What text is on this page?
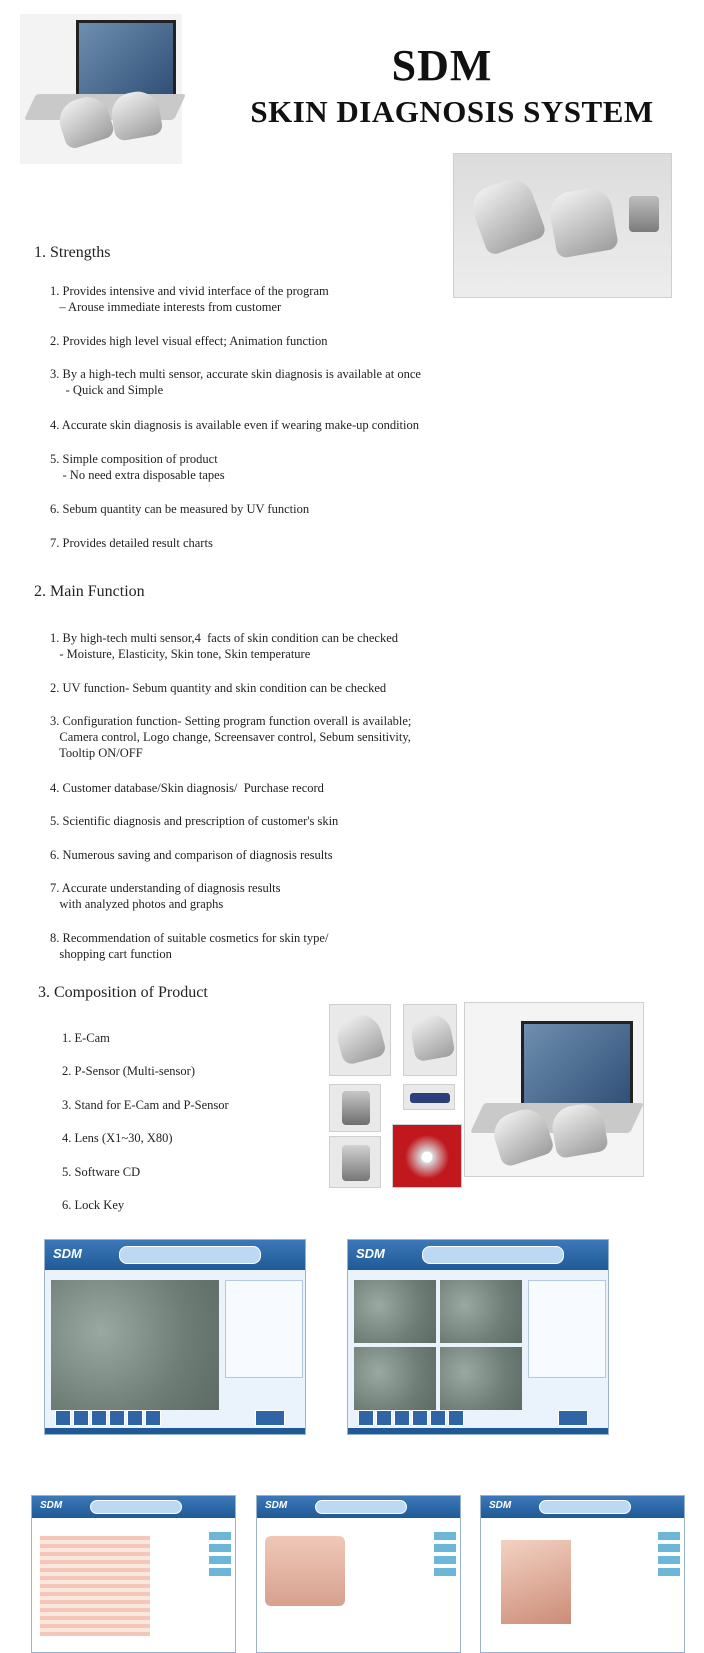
SDM
SKIN DIAGNOSIS SYSTEM
1. Strengths
1. Provides intensive and vivid interface of the program
– Arouse immediate interests from customer
2. Provides high level visual effect; Animation function
3. By a high-tech multi sensor, accurate skin diagnosis is available at once
- Quick and Simple
4. Accurate skin diagnosis is available even if wearing make-up condition
5. Simple composition of product
- No need extra disposable tapes
6. Sebum quantity can be measured by UV function
7. Provides detailed result charts
2. Main Function
1. By high-tech multi sensor,4  facts of skin condition can be checked
- Moisture, Elasticity, Skin tone, Skin temperature
2. UV function- Sebum quantity and skin condition can be checked
3. Configuration function- Setting program function overall is available;
Camera control, Logo change, Screensaver control, Sebum sensitivity,
Tooltip ON/OFF
4. Customer database/Skin diagnosis/  Purchase record
5. Scientific diagnosis and prescription of customer's skin
6. Numerous saving and comparison of diagnosis results
7. Accurate understanding of diagnosis results
with analyzed photos and graphs
8. Recommendation of suitable cosmetics for skin type/
shopping cart function
3. Composition of Product
1. E-Cam
2. P-Sensor (Multi-sensor)
3. Stand for E-Cam and P-Sensor
4. Lens (X1~30, X80)
5. Software CD
6. Lock Key
SDM	SDM
SDM	SDM	SDM
